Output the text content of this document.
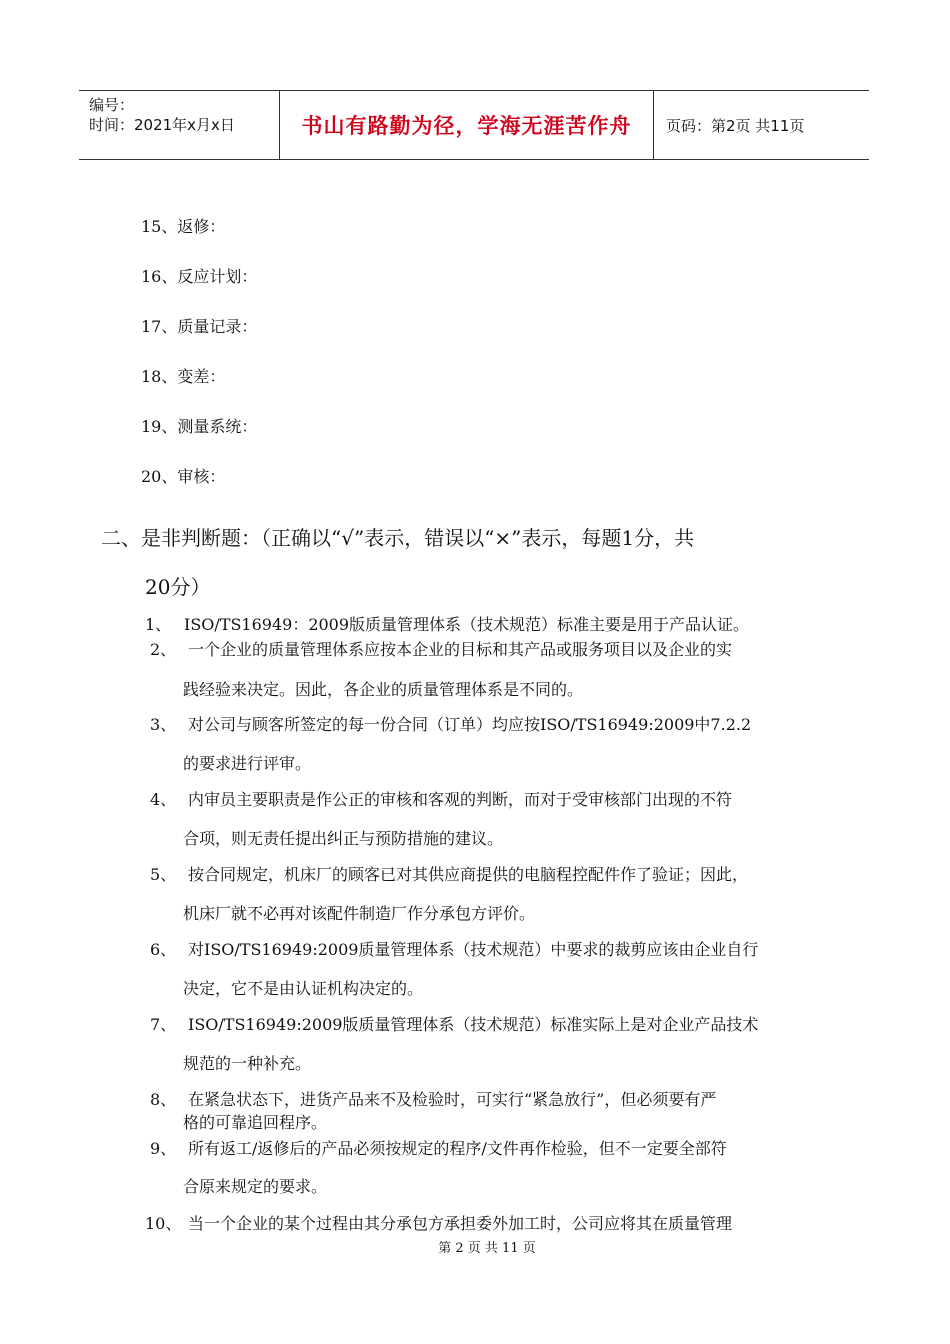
编号：
时间：2021年x月x日	书山有路勤为径，学海无涯苦作舟	页码：第2页 共11页
15、返修：
16、反应计划：
17、质量记录：
18、变差：
19、测量系统：
20、审核：
二、是非判断题：（正确以“√”表示，错误以“×”表示，每题1分，共
20分）
1、 ISO/TS16949：2009版质量管理体系（技术规范）标准主要是用于产品认证。
2、 一个企业的质量管理体系应按本企业的目标和其产品或服务项目以及企业的实
践经验来决定。因此，各企业的质量管理体系是不同的。
3、 对公司与顾客所签定的每一份合同（订单）均应按ISO/TS16949:2009中7.2.2
的要求进行评审。
4、 内审员主要职责是作公正的审核和客观的判断，而对于受审核部门出现的不符
合项，则无责任提出纠正与预防措施的建议。
5、 按合同规定，机床厂的顾客已对其供应商提供的电脑程控配件作了验证；因此，
机床厂就不必再对该配件制造厂作分承包方评价。
6、 对ISO/TS16949:2009质量管理体系（技术规范）中要求的裁剪应该由企业自行
决定，它不是由认证机构决定的。
7、 ISO/TS16949:2009版质量管理体系（技术规范）标准实际上是对企业产品技术
规范的一种补充。
8、 在紧急状态下，进货产品来不及检验时，可实行“紧急放行”，但必须要有严
格的可靠追回程序。
9、 所有返工/返修后的产品必须按规定的程序/文件再作检验，但不一定要全部符
合原来规定的要求。
10、 当一个企业的某个过程由其分承包方承担委外加工时，公司应将其在质量管理
第 2 页 共 11 页
